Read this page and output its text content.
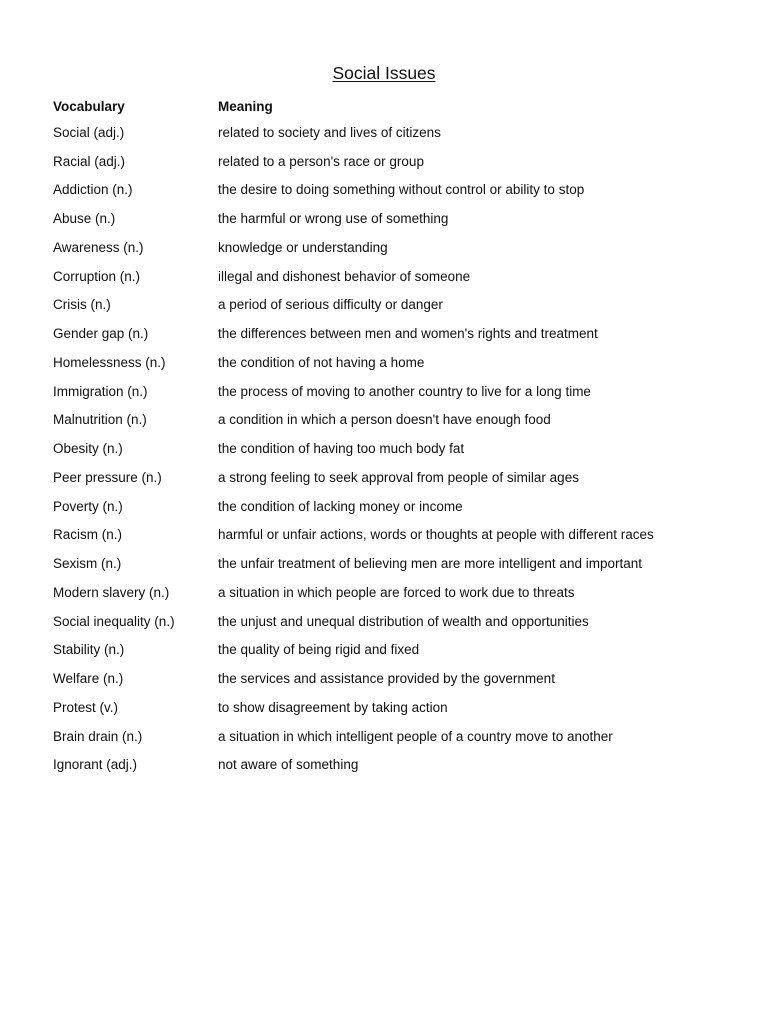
Social Issues
Vocabulary	Meaning
Social (adj.)	related to society and lives of citizens
Racial (adj.)	related to a person's race or group
Addiction (n.)	the desire to doing something without control or ability to stop
Abuse (n.)	the harmful or wrong use of something
Awareness (n.)	knowledge or understanding
Corruption (n.)	illegal and dishonest behavior of someone
Crisis (n.)	a period of serious difficulty or danger
Gender gap (n.)	the differences between men and women's rights and treatment
Homelessness (n.)	the condition of not having a home
Immigration (n.)	the process of moving to another country to live for a long time
Malnutrition (n.)	a condition in which a person doesn't have enough food
Obesity (n.)	the condition of having too much body fat
Peer pressure (n.)	a strong feeling to seek approval from people of similar ages
Poverty (n.)	the condition of lacking money or income
Racism (n.)	harmful or unfair actions, words or thoughts at people with different races
Sexism (n.)	the unfair treatment of believing men are more intelligent and important
Modern slavery (n.)	a situation in which people are forced to work due to threats
Social inequality (n.)	the unjust and unequal distribution of wealth and opportunities
Stability (n.)	the quality of being rigid and fixed
Welfare (n.)	the services and assistance provided by the government
Protest (v.)	to show disagreement by taking action
Brain drain (n.)	a situation in which intelligent people of a country move to another
Ignorant (adj.)	not aware of something
